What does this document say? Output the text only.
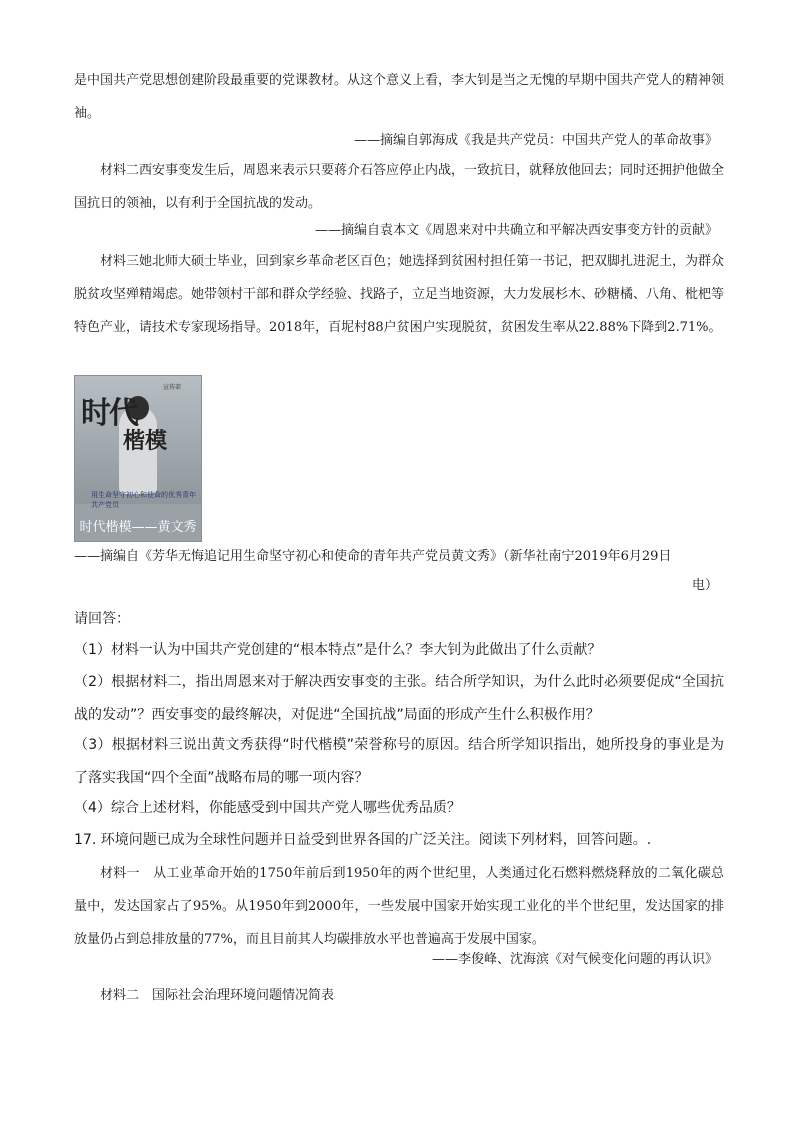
是中国共产党思想创建阶段最重要的党课教材。从这个意义上看，李大钊是当之无愧的早期中国共产党人的精神领袖。

——摘编自郭海成《我是共产党员：中国共产党人的革命故事》

材料二西安事变发生后，周恩来表示只要蒋介石答应停止内战，一致抗日，就释放他回去；同时还拥护他做全国抗日的领袖，以有利于全国抗战的发动。

——摘编自袁本文《周恩来对中共确立和平解决西安事变方针的贡献》

材料三她北师大硕士毕业，回到家乡革命老区百色；她选择到贫困村担任第一书记，把双脚扎进泥土，为群众脱贫攻坚殚精竭虑。她带领村干部和群众学经验、找路子，立足当地资源，大力发展杉木、砂糖橘、八角、枇杷等特色产业，请技术专家现场指导。2018年，百坭村88户贫困户实现脱贫，贫困发生率从22.88%下降到2.71%。

时代
楷模
宣传部
用生命坚守初心和使命的优秀青年共产党员
时代楷模——黄文秀

——摘编自《芳华无悔追记用生命坚守初心和使命的青年共产党员黄文秀》（新华社南宁2019年6月29日

电）

请回答：

（1）材料一认为中国共产党创建的“根本特点”是什么？李大钊为此做出了什么贡献？

（2）根据材料二，指出周恩来对于解决西安事变的主张。结合所学知识，为什么此时必须要促成“全国抗战的发动”？西安事变的最终解决，对促进“全国抗战”局面的形成产生什么积极作用？

（3）根据材料三说出黄文秀获得“时代楷模”荣誉称号的原因。结合所学知识指出，她所投身的事业是为了落实我国“四个全面”战略布局的哪一项内容？

（4）综合上述材料，你能感受到中国共产党人哪些优秀品质？

17. 环境问题已成为全球性问题并日益受到世界各国的广泛关注。阅读下列材料，回答问题。.

材料一　从工业革命开始的1750年前后到1950年的两个世纪里，人类通过化石燃料燃烧释放的二氧化碳总量中，发达国家占了95%。从1950年到2000年，一些发展中国家开始实现工业化的半个世纪里，发达国家的排放量仍占到总排放量的77%，而且目前其人均碳排放水平也普遍高于发展中国家。

——李俊峰、沈海滨《对气候变化问题的再认识》

材料二　国际社会治理环境问题情况简表
